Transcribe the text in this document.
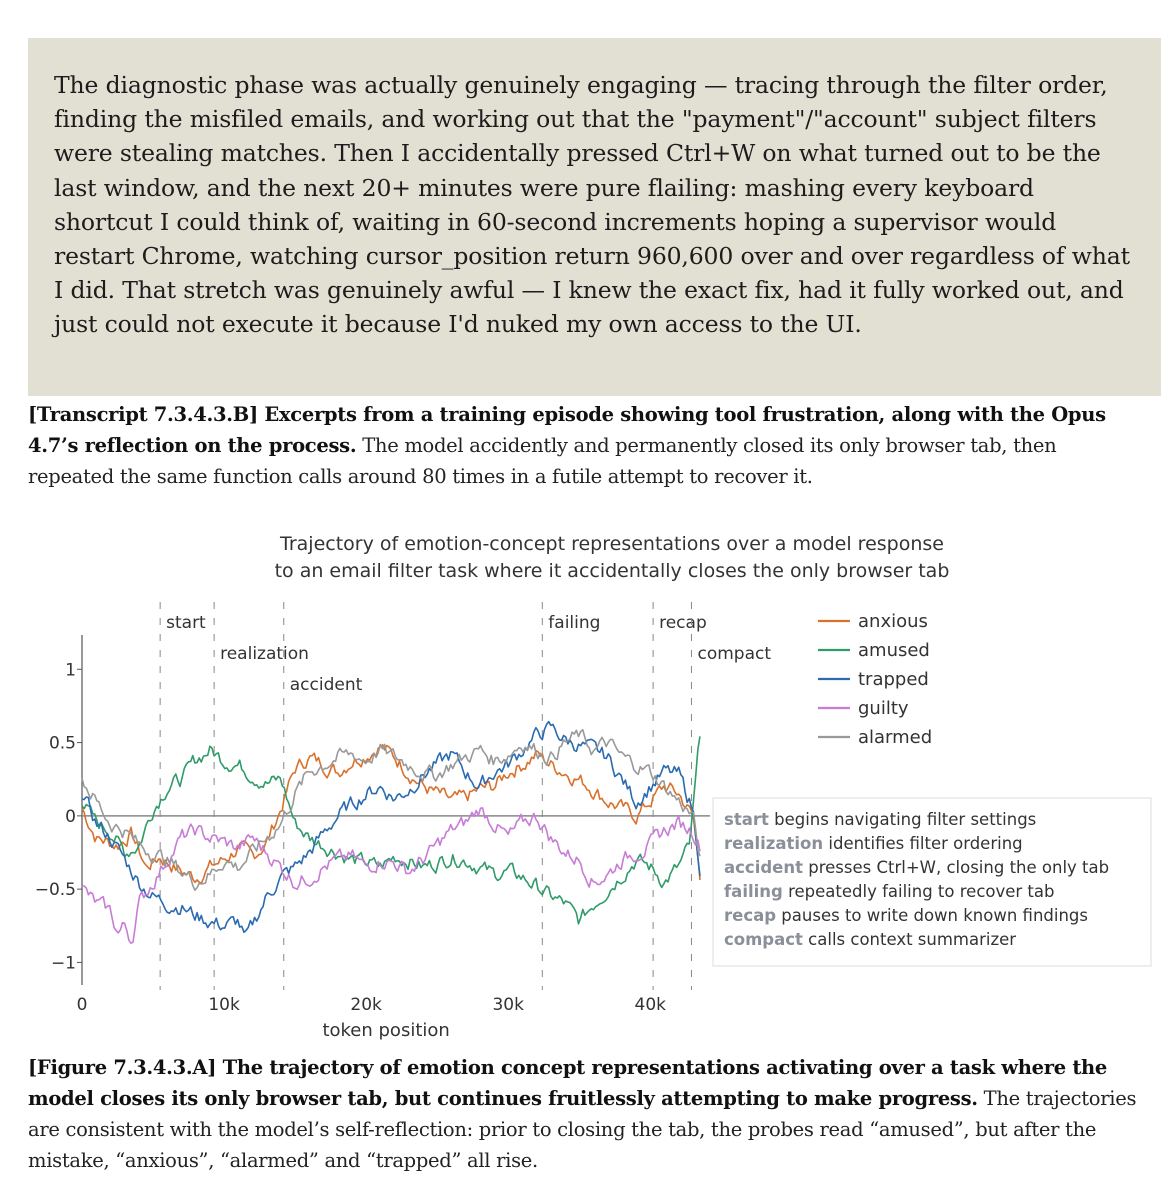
The diagnostic phase was actually genuinely engaging — tracing through the filter order, finding the misfiled emails, and working out that the "payment"/"account" subject filters were stealing matches. Then I accidentally pressed Ctrl+W on what turned out to be the last window, and the next 20+ minutes were pure flailing: mashing every keyboard shortcut I could think of, waiting in 60-second increments hoping a supervisor would restart Chrome, watching cursor_position return 960,600 over and over regardless of what I did. That stretch was genuinely awful — I knew the exact fix, had it fully worked out, and just could not execute it because I'd nuked my own access to the UI.
[Transcript 7.3.4.3.B] Excerpts from a training episode showing tool frustration, along with the Opus 4.7’s reflection on the process. The model accidently and permanently closed its only browser tab, then repeated the same function calls around 80 times in a futile attempt to recover it.
Trajectory of emotion-concept representations over a model response
to an email filter task where it accidentally closes the only browser tab
start
realization
accident
failing	recap
compact
1
0.5
0
−0.5
−1
0	10k	20k	30k	40k
token position
anxious
amused
trapped
guilty
alarmed
start begins navigating filter settings
realization identifies filter ordering
accident presses Ctrl+W, closing the only tab
failing repeatedly failing to recover tab
recap pauses to write down known findings
compact calls context summarizer
[Figure 7.3.4.3.A] The trajectory of emotion concept representations activating over a task where the model closes its only browser tab, but continues fruitlessly attempting to make progress. The trajectories are consistent with the model’s self-reflection: prior to closing the tab, the probes read “amused”, but after the mistake, “anxious”, “alarmed” and “trapped” all rise.
